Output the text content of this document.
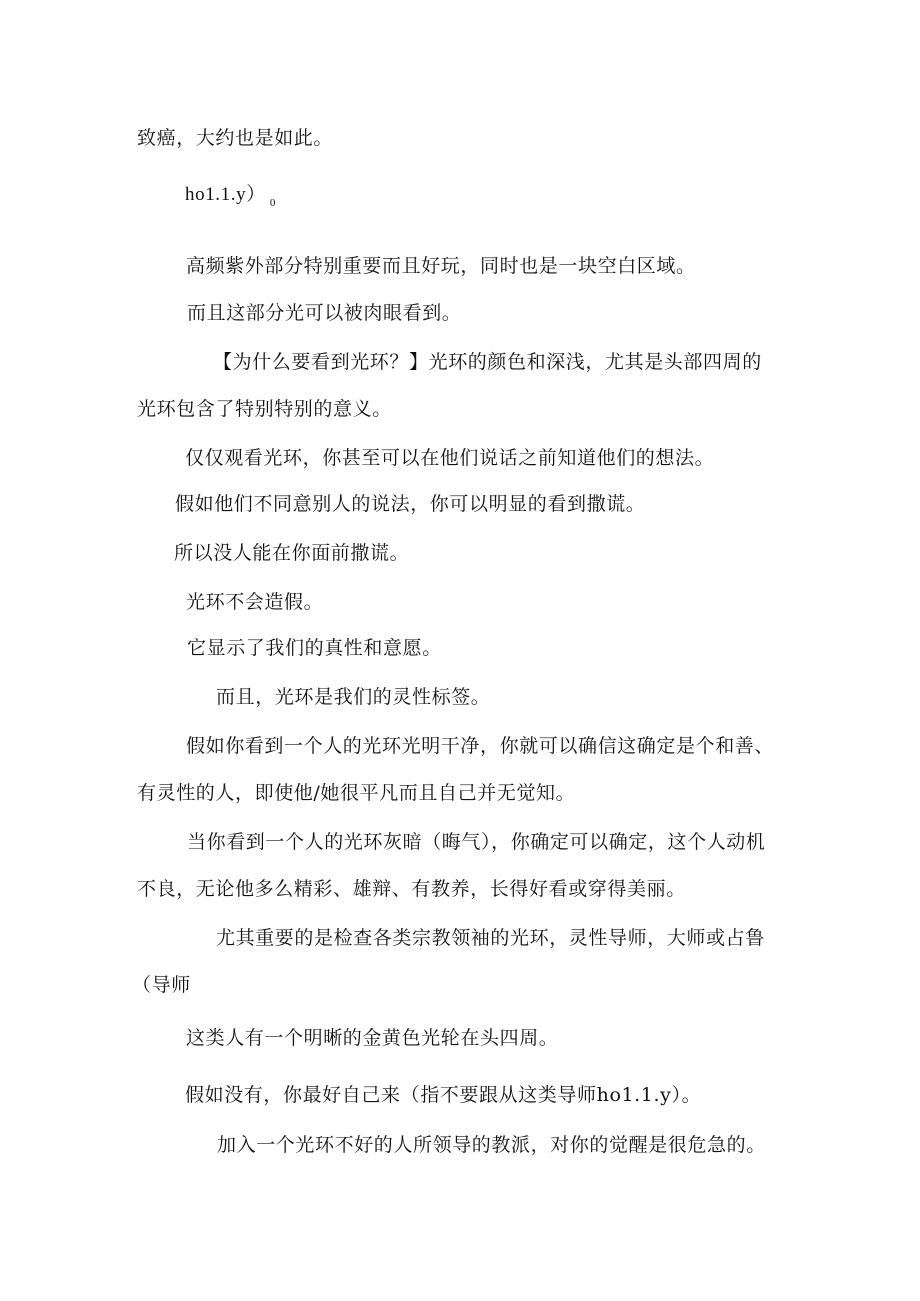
致癌，大约也是如此。

ho1.1.y） $_0$

高频紫外部分特别重要而且好玩，同时也是一块空白区域。

而且这部分光可以被肉眼看到。

【为什么要看到光环？】光环的颜色和深浅，尤其是头部四周的

光环包含了特别特别的意义。

仅仅观看光环，你甚至可以在他们说话之前知道他们的想法。

假如他们不同意别人的说法，你可以明显的看到撒谎。

所以没人能在你面前撒谎。

光环不会造假。

它显示了我们的真性和意愿。

而且，光环是我们的灵性标签。

假如你看到一个人的光环光明干净，你就可以确信这确定是个和善、

有灵性的人，即使他/她很平凡而且自己并无觉知。

当你看到一个人的光环灰暗（晦气），你确定可以确定，这个人动机

不良，无论他多么精彩、雄辩、有教养，长得好看或穿得美丽。

尤其重要的是检查各类宗教领袖的光环，灵性导师，大师或占鲁

（导师

这类人有一个明晰的金黄色光轮在头四周。

假如没有，你最好自己来（指不要跟从这类导师ho1.1.y）。

加入一个光环不好的人所领导的教派，对你的觉醒是很危急的。
